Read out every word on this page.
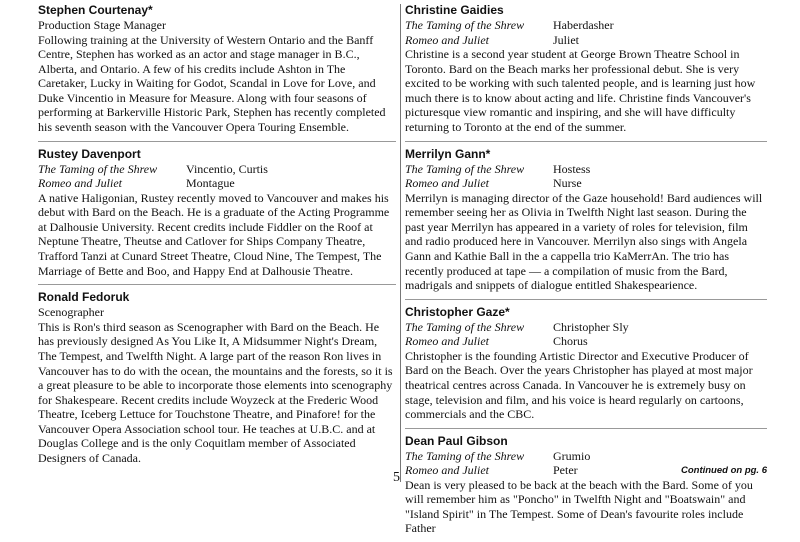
Stephen Courtenay*
Production Stage Manager

Following training at the University of Western Ontario and the Banff Centre, Stephen has worked as an actor and stage manager in B.C., Alberta, and Ontario. A few of his credits include Ashton in The Caretaker, Lucky in Waiting for Godot, Scandal in Love for Love, and Duke Vincentio in Measure for Measure. Along with four seasons of performing at Barkerville Historic Park, Stephen has recently completed his seventh season with the Vancouver Opera Touring Ensemble.

Rustey Davenport
The Taming of the Shrew	Vincentio, Curtis
Romeo and Juliet	Montague

A native Haligonian, Rustey recently moved to Vancouver and makes his debut with Bard on the Beach. He is a graduate of the Acting Programme at Dalhousie University. Recent credits include Fiddler on the Roof at Neptune Theatre, Theutse and Catlover for Ships Company Theatre, Trafford Tanzi at Cunard Street Theatre, Cloud Nine, The Tempest, The Marriage of Bette and Boo, and Happy End at Dalhousie Theatre.

Ronald Fedoruk
Scenographer

This is Ron's third season as Scenographer with Bard on the Beach. He has previously designed As You Like It, A Midsummer Night's Dream, The Tempest, and Twelfth Night. A large part of the reason Ron lives in Vancouver has to do with the ocean, the mountains and the forests, so it is a great pleasure to be able to incorporate those elements into scenography for Shakespeare. Recent credits include Woyzeck at the Frederic Wood Theatre, Iceberg Lettuce for Touchstone Theatre, and Pinafore! for the Vancouver Opera Association school tour. He teaches at U.B.C. and at Douglas College and is the only Coquitlam member of Associated Designers of Canada.

Christine Gaidies
The Taming of the Shrew	Haberdasher
Romeo and Juliet	Juliet

Christine is a second year student at George Brown Theatre School in Toronto. Bard on the Beach marks her professional debut. She is very excited to be working with such talented people, and is learning just how much there is to know about acting and life. Christine finds Vancouver's picturesque view romantic and inspiring, and she will have difficulty returning to Toronto at the end of the summer.

Merrilyn Gann*
The Taming of the Shrew	Hostess
Romeo and Juliet	Nurse

Merrilyn is managing director of the Gaze household! Bard audiences will remember seeing her as Olivia in Twelfth Night last season. During the past year Merrilyn has appeared in a variety of roles for television, film and radio produced here in Vancouver. Merrilyn also sings with Angela Gann and Kathie Ball in the a cappella trio KaMerrAn. The trio has recently produced at tape — a compilation of music from the Bard, madrigals and snippets of dialogue entitled Shakespearience.

Christopher Gaze*
The Taming of the Shrew	Christopher Sly
Romeo and Juliet	Chorus

Christopher is the founding Artistic Director and Executive Producer of Bard on the Beach. Over the years Christopher has played at most major theatrical centres across Canada. In Vancouver he is extremely busy on stage, television and film, and his voice is heard regularly on cartoons, commercials and the CBC.

Dean Paul Gibson
The Taming of the Shrew	Grumio
Romeo and Juliet	Peter

Dean is very pleased to be back at the beach with the Bard. Some of you will remember him as "Poncho" in Twelfth Night and "Boatswain" and "Island Spirit" in The Tempest. Some of Dean's favourite roles include Father

Continued on pg. 6
5
